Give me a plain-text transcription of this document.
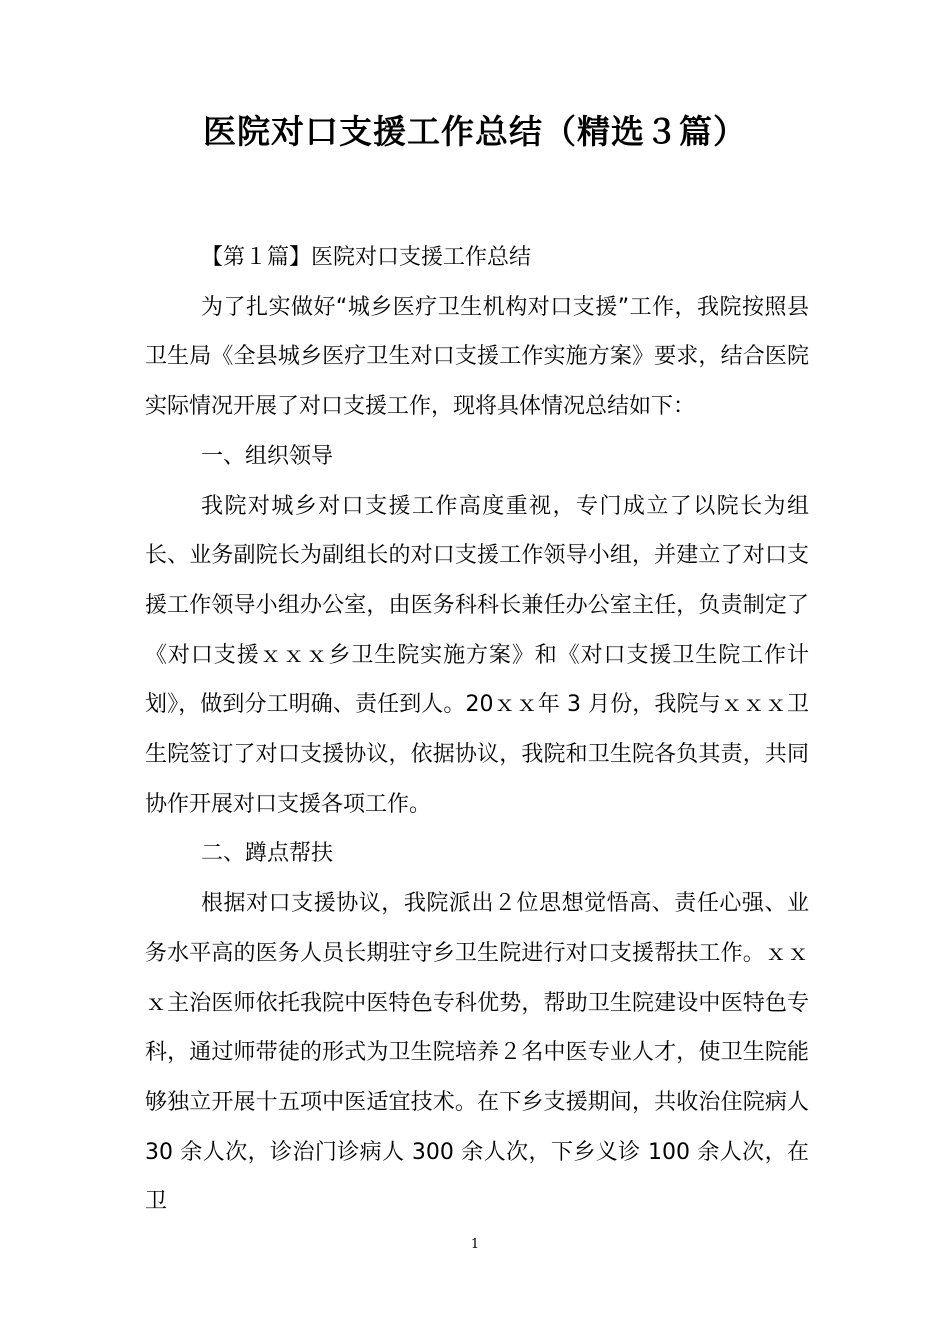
医院对口支援工作总结（精选３篇）

【第１篇】医院对口支援工作总结

为了扎实做好“城乡医疗卫生机构对口支援”工作，我院按照县卫生局《全县城乡医疗卫生对口支援工作实施方案》要求，结合医院实际情况开展了对口支援工作，现将具体情况总结如下：

一、组织领导

我院对城乡对口支援工作高度重视，专门成立了以院长为组长、业务副院长为副组长的对口支援工作领导小组，并建立了对口支援工作领导小组办公室，由医务科科长兼任办公室主任，负责制定了《对口支援ｘｘｘ乡卫生院实施方案》和《对口支援卫生院工作计划》，做到分工明确、责任到人。20ｘｘ年 3 月份，我院与ｘｘｘ卫生院签订了对口支援协议，依据协议，我院和卫生院各负其责，共同协作开展对口支援各项工作。

二、蹲点帮扶

根据对口支援协议，我院派出２位思想觉悟高、责任心强、业务水平高的医务人员长期驻守乡卫生院进行对口支援帮扶工作。ｘｘｘ主治医师依托我院中医特色专科优势，帮助卫生院建设中医特色专科，通过师带徒的形式为卫生院培养２名中医专业人才，使卫生院能够独立开展十五项中医适宜技术。在下乡支援期间，共收治住院病人30 余人次，诊治门诊病人 300 余人次，下乡义诊 100 余人次，在卫

1
